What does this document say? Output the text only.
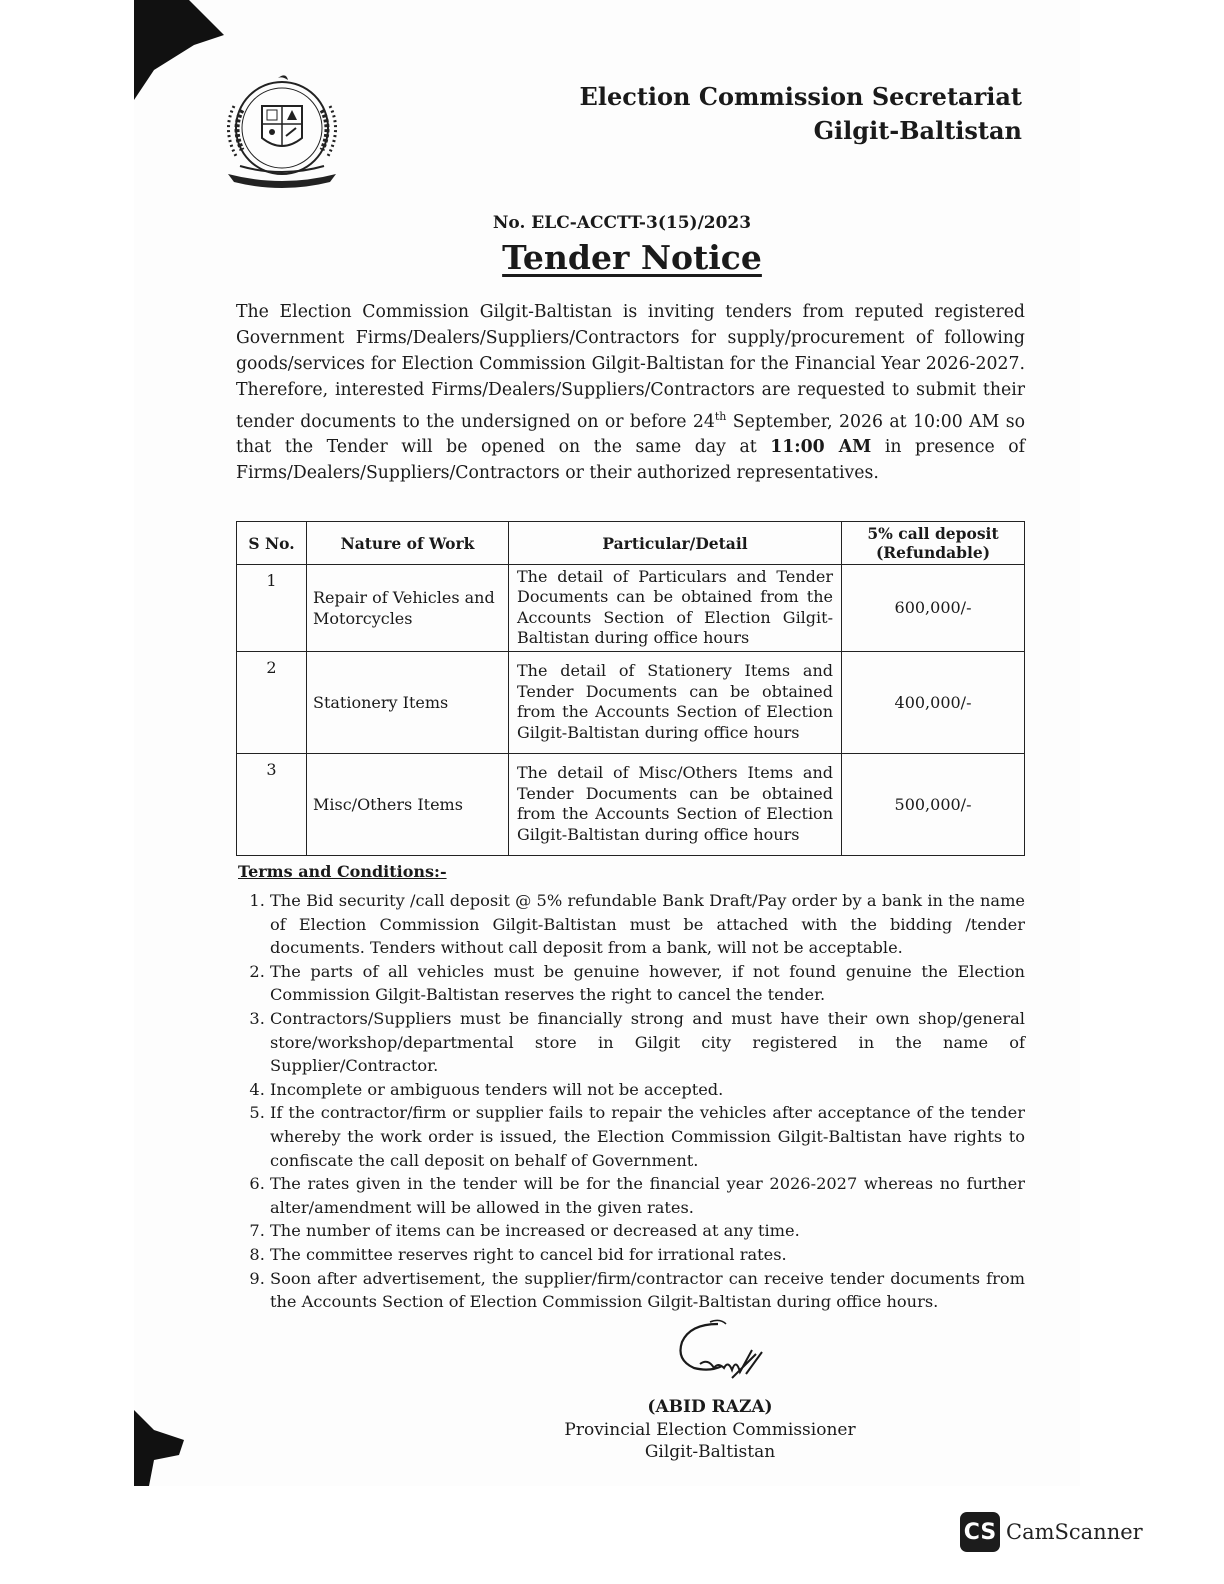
Election Commission Secretariat
Gilgit-Baltistan
No. ELC-ACCTT-3(15)/2023
Tender Notice
The Election Commission Gilgit-Baltistan is inviting tenders from reputed registered Government Firms/Dealers/Suppliers/Contractors for supply/procurement of following goods/services for Election Commission Gilgit-Baltistan for the Financial Year 2026-2027. Therefore, interested Firms/Dealers/Suppliers/Contractors are requested to submit their tender documents to the undersigned on or before 24th September, 2026 at 10:00 AM so that the Tender will be opened on the same day at 11:00 AM in presence of Firms/Dealers/Suppliers/Contractors or their authorized representatives.
S No.	Nature of Work	Particular/Detail	5% call deposit (Refundable)
1	Repair of Vehicles and Motorcycles	The detail of Particulars and Tender Documents can be obtained from the Accounts Section of Election Gilgit-Baltistan during office hours	600,000/-
2	Stationery Items	The detail of Stationery Items and Tender Documents can be obtained from the Accounts Section of Election Gilgit-Baltistan during office hours	400,000/-
3	Misc/Others Items	The detail of Misc/Others Items and Tender Documents can be obtained from the Accounts Section of Election Gilgit-Baltistan during office hours	500,000/-
Terms and Conditions:-
1. The Bid security /call deposit @ 5% refundable Bank Draft/Pay order by a bank in the name of Election Commission Gilgit-Baltistan must be attached with the bidding /tender documents. Tenders without call deposit from a bank, will not be acceptable.
2. The parts of all vehicles must be genuine however, if not found genuine the Election Commission Gilgit-Baltistan reserves the right to cancel the tender.
3. Contractors/Suppliers must be financially strong and must have their own shop/general store/workshop/departmental store in Gilgit city registered in the name of Supplier/Contractor.
4. Incomplete or ambiguous tenders will not be accepted.
5. If the contractor/firm or supplier fails to repair the vehicles after acceptance of the tender whereby the work order is issued, the Election Commission Gilgit-Baltistan have rights to confiscate the call deposit on behalf of Government.
6. The rates given in the tender will be for the financial year 2026-2027 whereas no further alter/amendment will be allowed in the given rates.
7. The number of items can be increased or decreased at any time.
8. The committee reserves right to cancel bid for irrational rates.
9. Soon after advertisement, the supplier/firm/contractor can receive tender documents from the Accounts Section of Election Commission Gilgit-Baltistan during office hours.
(ABID RAZA)
Provincial Election Commissioner
Gilgit-Baltistan
CS CamScanner
